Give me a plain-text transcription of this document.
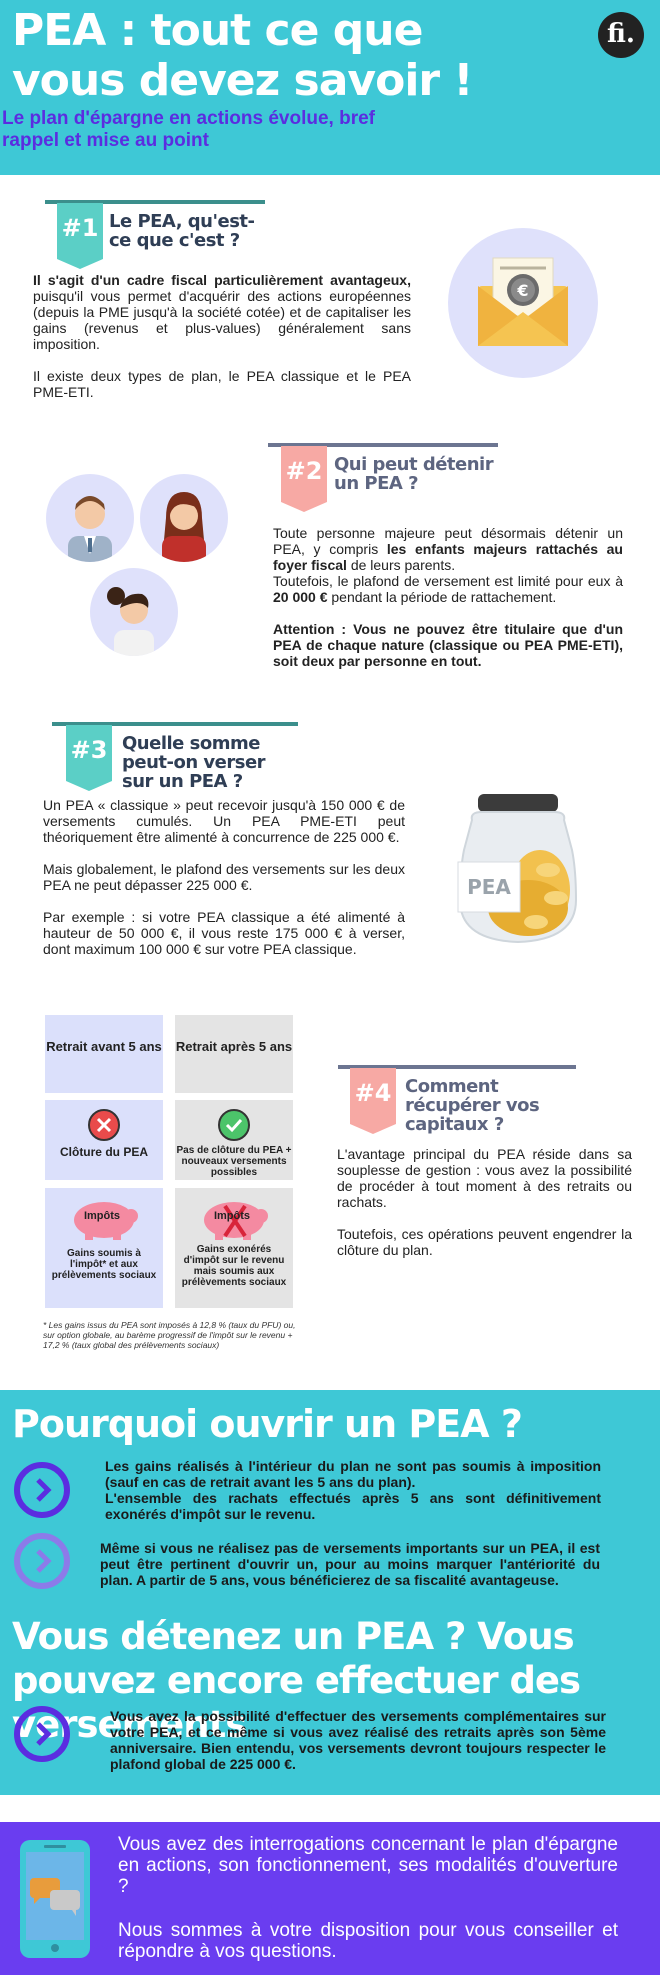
PEA : tout ce que vous devez savoir !
Le plan d'épargne en actions évolue, bref rappel et mise au point
fi.
#1 Le PEA, qu'est-ce que c'est ?

Il s'agit d'un cadre fiscal particulièrement avantageux, puisqu'il vous permet d'acquérir des actions européennes (depuis la PME jusqu'à la société cotée) et de capitaliser les gains (revenus et plus-values) généralement sans imposition.

Il existe deux types de plan, le PEA classique et le PEA PME-ETI.

€
#2 Qui peut détenir un PEA ?

Toute personne majeure peut désormais détenir un PEA, y compris les enfants majeurs rattachés au foyer fiscal de leurs parents.

Toutefois, le plafond de versement est limité pour eux à 20 000 € pendant la période de rattachement.

Attention : Vous ne pouvez être titulaire que d'un PEA de chaque nature (classique ou PEA PME-ETI), soit deux par personne en tout.

#3 Quelle somme peut-on verser sur un PEA ?

Un PEA « classique » peut recevoir jusqu'à 150 000 € de versements cumulés. Un PEA PME-ETI peut théoriquement être alimenté à concurrence de 225 000 €.

Mais globalement, le plafond des versements sur les deux PEA ne peut dépasser 225 000 €.

Par exemple : si votre PEA classique a été alimenté à hauteur de 50 000 €, il vous reste 175 000 € à verser, dont maximum 100 000 € sur votre PEA classique.

PEA
Retrait avant 5 ans Retrait après 5 ans
Clôture du PEA	Pas de clôture du PEA + nouveaux versements possibles
Impôts
Gains soumis à l'impôt* et aux prélèvements sociaux
Impôts
Gains exonérés d'impôt sur le revenu mais soumis aux prélèvements sociaux
* Les gains issus du PEA sont imposés à 12,8 % (taux du PFU) ou, sur option globale, au barème progressif de l'impôt sur le revenu + 17,2 % (taux global des prélèvements sociaux)
#4 Comment récupérer vos capitaux ?

L'avantage principal du PEA réside dans sa souplesse de gestion : vous avez la possibilité de procéder à tout moment à des retraits ou rachats.

Toutefois, ces opérations peuvent engendrer la clôture du plan.

Pourquoi ouvrir un PEA ?
Les gains réalisés à l'intérieur du plan ne sont pas soumis à imposition (sauf en cas de retrait avant les 5 ans du plan).
L'ensemble des rachats effectués après 5 ans sont définitivement exonérés d'impôt sur le revenu.
Même si vous ne réalisez pas de versements importants sur un PEA, il est peut être pertinent d'ouvrir un, pour au moins marquer l'antériorité du plan. A partir de 5 ans, vous bénéficierez de sa fiscalité avantageuse.
Vous détenez un PEA ? Vous pouvez encore effectuer des versements
Vous avez la possibilité d'effectuer des versements complémentaires sur votre PEA, et ce même si vous avez réalisé des retraits après son 5ème anniversaire. Bien entendu, vos versements devront toujours respecter le plafond global de 225 000 €.
Vous avez des interrogations concernant le plan d'épargne en actions, son fonctionnement, ses modalités d'ouverture ?
Nous sommes à votre disposition pour vous conseiller et répondre à vos questions.
